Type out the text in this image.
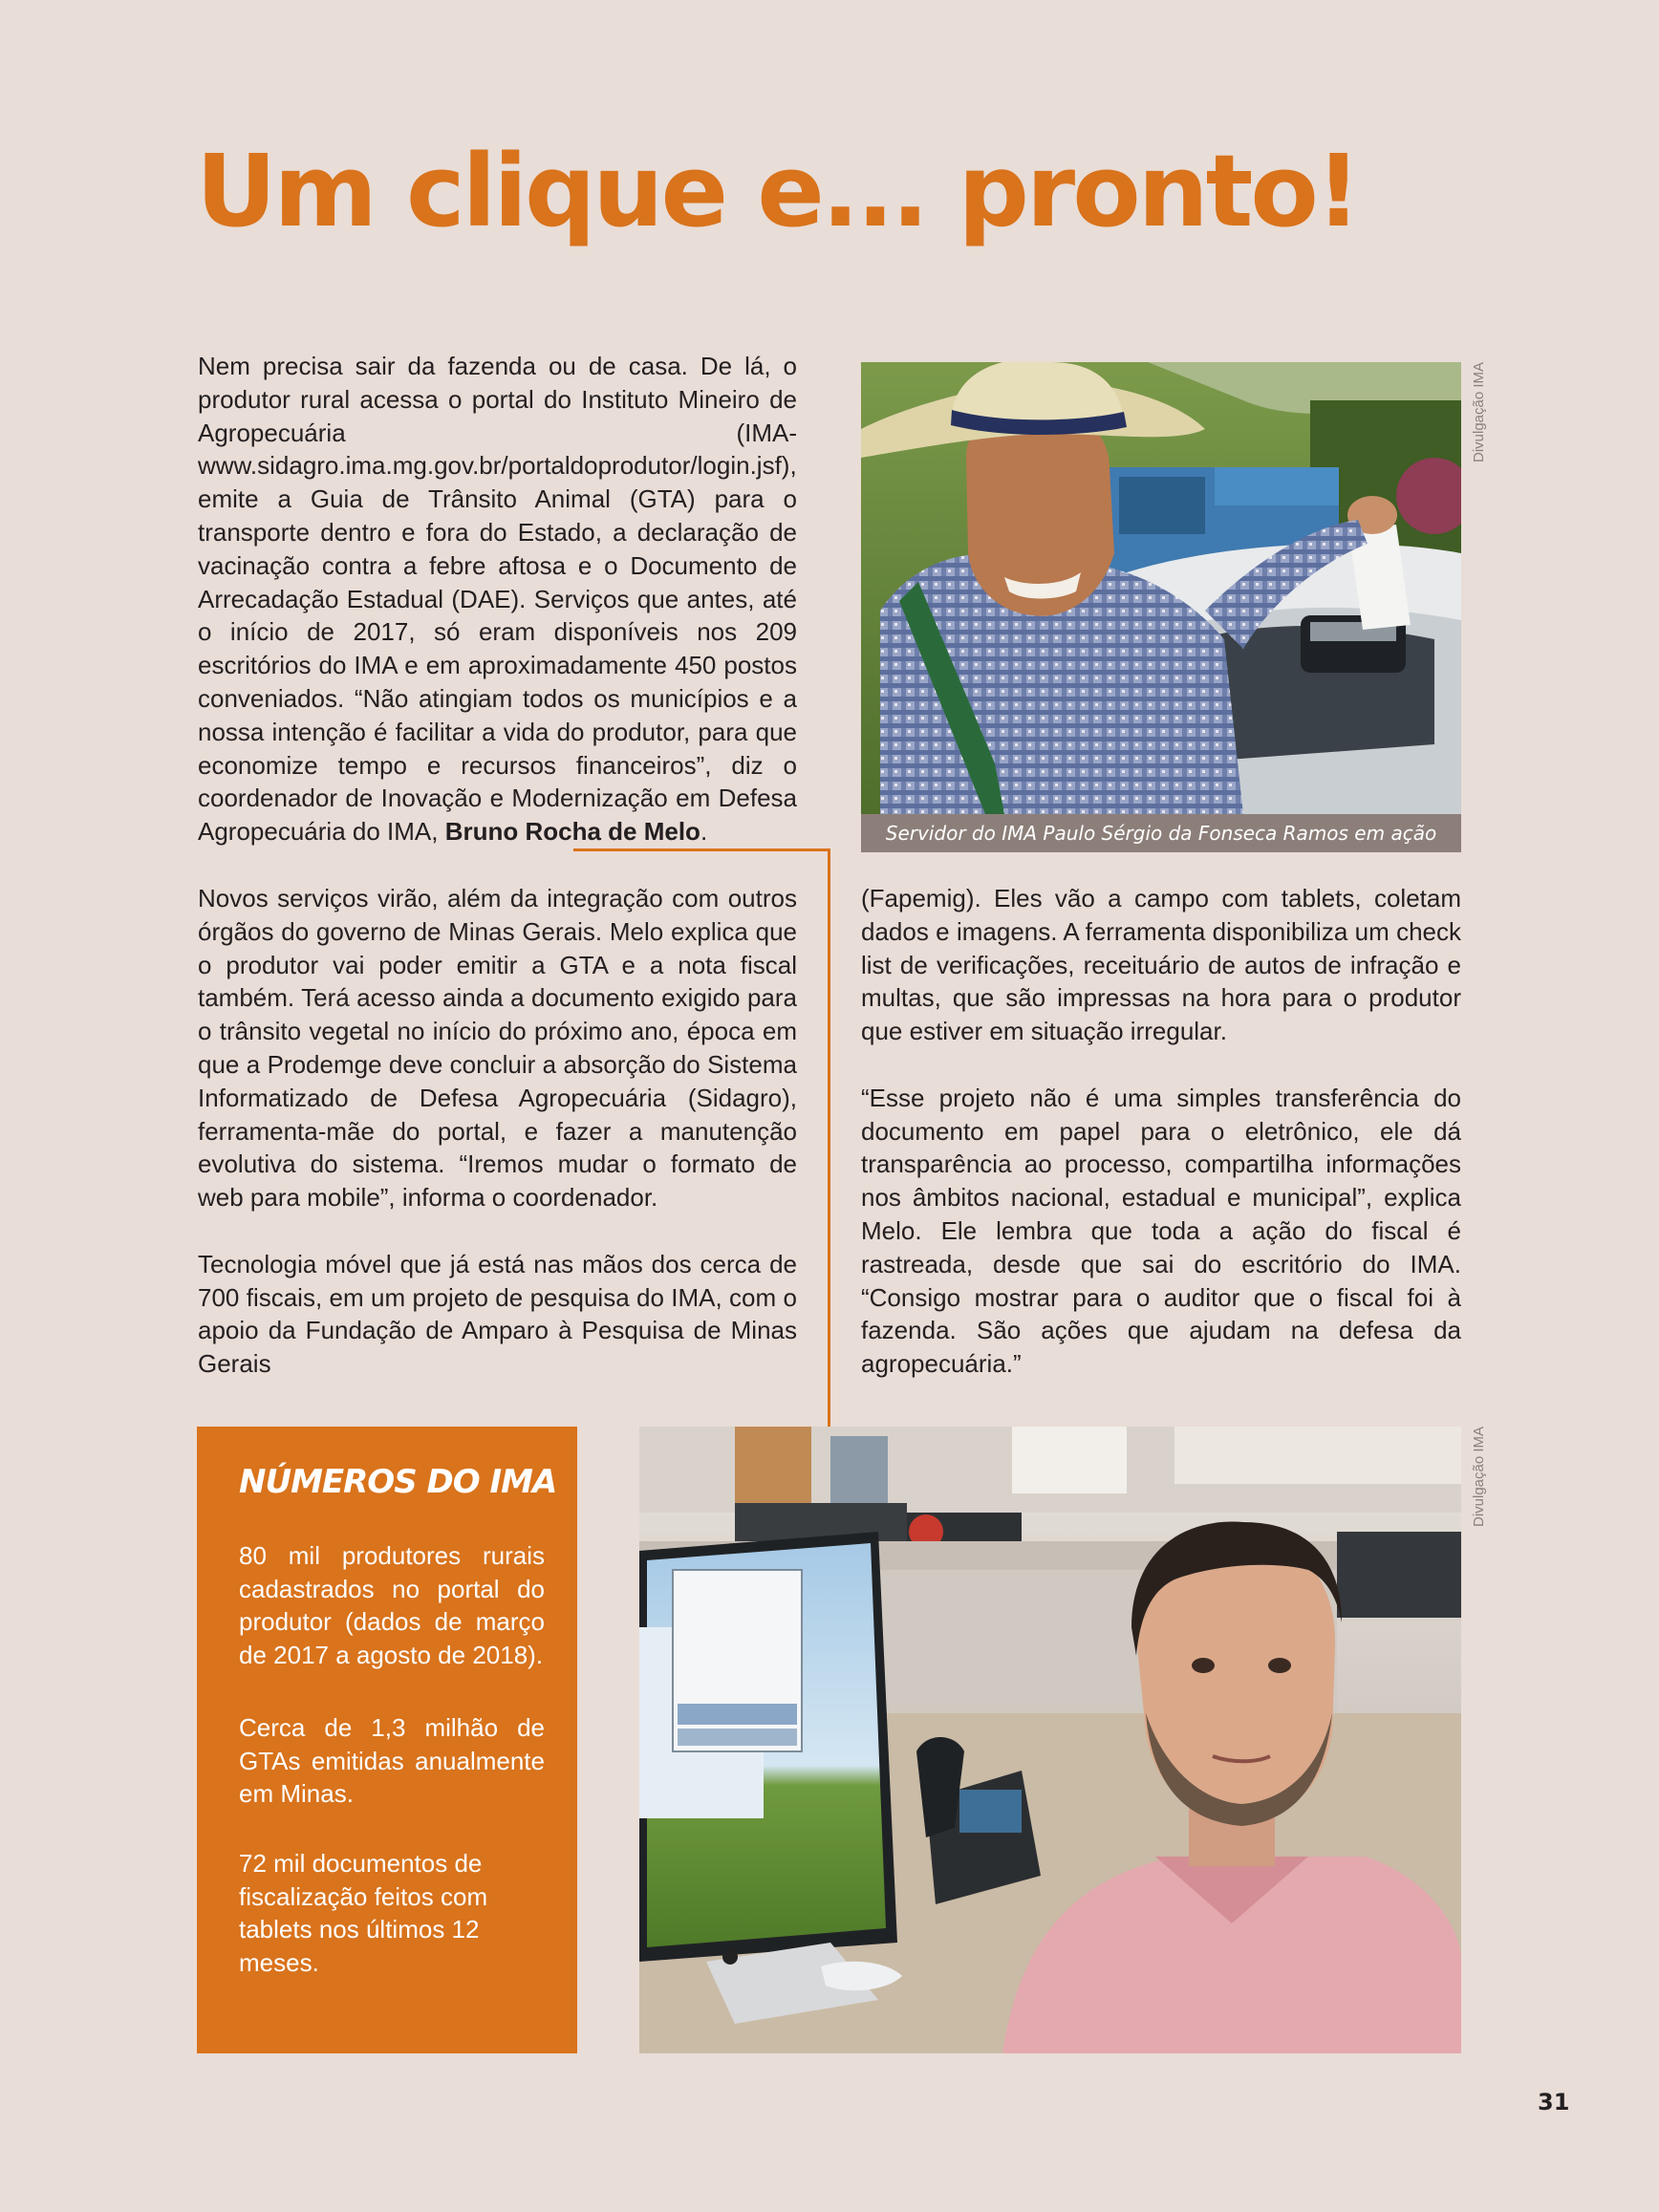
Um clique e... pronto!

Nem precisa sair da fazenda ou de casa. De lá, o produtor rural acessa o portal do Instituto Mineiro de Agropecuária (IMA-www.sidagro.ima.mg.gov.br/portaldoprodutor/login.jsf), emite a Guia de Trânsito Animal (GTA) para o transporte dentro e fora do Estado, a declaração de vacinação contra a febre aftosa e o Documento de Arrecadação Estadual (DAE). Serviços que antes, até o início de 2017, só eram disponíveis nos 209 escritórios do IMA e em aproximadamente 450 postos conveniados. “Não atingiam todos os municípios e a nossa intenção é facilitar a vida do produtor, para que economize tempo e recursos financeiros”, diz o coordenador de Inovação e Modernização em Defesa Agropecuária do IMA, Bruno Rocha de Melo.

Novos serviços virão, além da integração com outros órgãos do governo de Minas Gerais. Melo explica que o produtor vai poder emitir a GTA e a nota fiscal também. Terá acesso ainda a documento exigido para o trânsito vegetal no início do próximo ano, época em que a Prodemge deve concluir a absorção do Sistema Informatizado de Defesa Agropecuária (Sidagro), ferramenta-mãe do portal, e fazer a manutenção evolutiva do sistema. “Iremos mudar o formato de web para mobile”, informa o coordenador.

Tecnologia móvel que já está nas mãos dos cerca de 700 fiscais, em um projeto de pesquisa do IMA, com o apoio da Fundação de Amparo à Pesquisa de Minas Gerais

(Fapemig). Eles vão a campo com tablets, coletam dados e imagens. A ferramenta disponibiliza um check list de verificações, receituário de autos de infração e multas, que são impressas na hora para o produtor que estiver em situação irregular.

“Esse projeto não é uma simples transferência do documento em papel para o eletrônico, ele dá transparência ao processo, compartilha informações nos âmbitos nacional, estadual e municipal”, explica Melo. Ele lembra que toda a ação do fiscal é rastreada, desde que sai do escritório do IMA. “Consigo mostrar para o auditor que o fiscal foi à fazenda. São ações que ajudam na defesa da agropecuária.”

Servidor do IMA Paulo Sérgio da Fonseca Ramos em ação
Divulgação IMA
NÚMEROS DO IMA
80 mil produtores rurais cadastrados no portal do produtor (dados de março de 2017 a agosto de 2018).
Cerca de 1,3 milhão de GTAs emitidas anualmente em Minas.
72 mil documentos de fiscalização feitos com tablets nos últimos 12 meses.
Divulgação IMA
31
